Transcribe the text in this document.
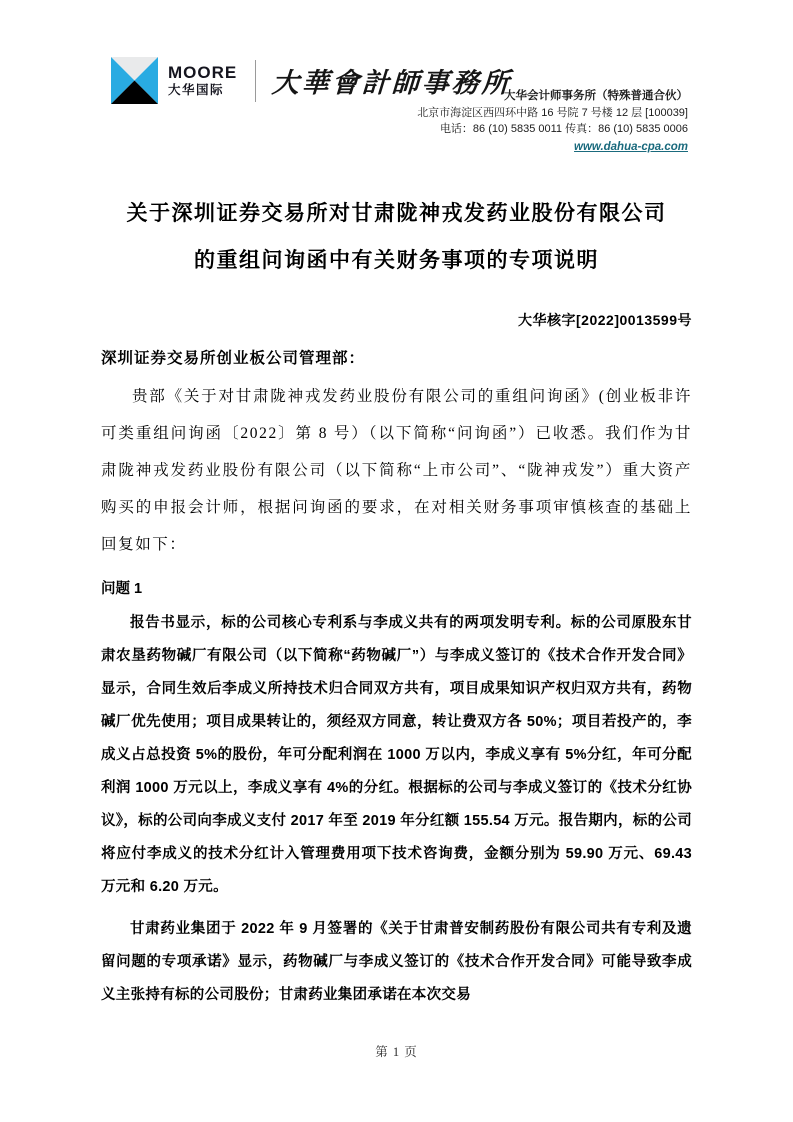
MOORE
大华国际	大華會計師事務所
大华会计师事务所（特殊普通合伙）
北京市海淀区西四环中路 16 号院 7 号楼 12 层 [100039]
电话：86 (10) 5835 0011 传真：86 (10) 5835 0006
www.dahua-cpa.com
关于深圳证券交易所对甘肃陇神戎发药业股份有限公司
的重组问询函中有关财务事项的专项说明
大华核字[2022]0013599号
深圳证券交易所创业板公司管理部：
贵部《关于对甘肃陇神戎发药业股份有限公司的重组问询函》(创业板非许可类重组问询函〔2022〕第 8 号）（以下简称“问询函”）已收悉。我们作为甘肃陇神戎发药业股份有限公司（以下简称“上市公司”、“陇神戎发”）重大资产购买的申报会计师，根据问询函的要求，在对相关财务事项审慎核查的基础上回复如下：
问题 1
报告书显示，标的公司核心专利系与李成义共有的两项发明专利。标的公司原股东甘肃农垦药物碱厂有限公司（以下简称“药物碱厂”）与李成义签订的《技术合作开发合同》显示，合同生效后李成义所持技术归合同双方共有，项目成果知识产权归双方共有，药物碱厂优先使用；项目成果转让的，须经双方同意，转让费双方各 50%；项目若投产的，李成义占总投资 5%的股份，年可分配利润在 1000 万以内，李成义享有 5%分红，年可分配利润 1000 万元以上，李成义享有 4%的分红。根据标的公司与李成义签订的《技术分红协议》，标的公司向李成义支付 2017 年至 2019 年分红额 155.54 万元。报告期内，标的公司将应付李成义的技术分红计入管理费用项下技术咨询费，金额分别为 59.90 万元、69.43 万元和 6.20 万元。
甘肃药业集团于 2022 年 9 月签署的《关于甘肃普安制药股份有限公司共有专利及遗留问题的专项承诺》显示，药物碱厂与李成义签订的《技术合作开发合同》可能导致李成义主张持有标的公司股份；甘肃药业集团承诺在本次交易
第 1 页
